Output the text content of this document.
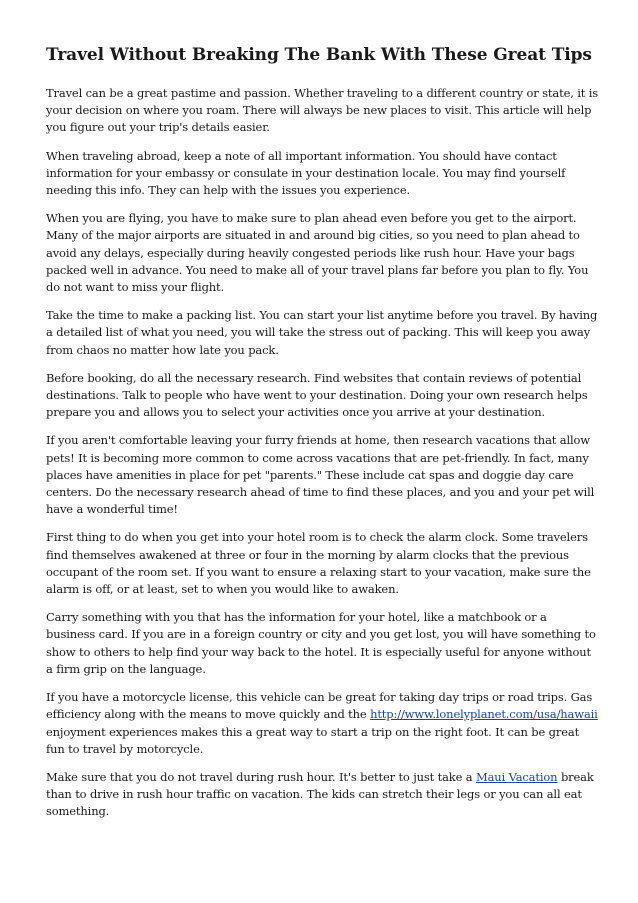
Travel Without Breaking The Bank With These Great Tips

Travel can be a great pastime and passion. Whether traveling to a different country or state, it is your decision on where you roam. There will always be new places to visit. This article will help you figure out your trip's details easier.

When traveling abroad, keep a note of all important information. You should have contact information for your embassy or consulate in your destination locale. You may find yourself needing this info. They can help with the issues you experience.

When you are flying, you have to make sure to plan ahead even before you get to the airport. Many of the major airports are situated in and around big cities, so you need to plan ahead to avoid any delays, especially during heavily congested periods like rush hour. Have your bags packed well in advance. You need to make all of your travel plans far before you plan to fly. You do not want to miss your flight.

Take the time to make a packing list. You can start your list anytime before you travel. By having a detailed list of what you need, you will take the stress out of packing. This will keep you away from chaos no matter how late you pack.

Before booking, do all the necessary research. Find websites that contain reviews of potential destinations. Talk to people who have went to your destination. Doing your own research helps prepare you and allows you to select your activities once you arrive at your destination.

If you aren't comfortable leaving your furry friends at home, then research vacations that allow pets! It is becoming more common to come across vacations that are pet-friendly. In fact, many places have amenities in place for pet "parents." These include cat spas and doggie day care centers. Do the necessary research ahead of time to find these places, and you and your pet will have a wonderful time!

First thing to do when you get into your hotel room is to check the alarm clock. Some travelers find themselves awakened at three or four in the morning by alarm clocks that the previous occupant of the room set. If you want to ensure a relaxing start to your vacation, make sure the alarm is off, or at least, set to when you would like to awaken.

Carry something with you that has the information for your hotel, like a matchbook or a business card. If you are in a foreign country or city and you get lost, you will have something to show to others to help find your way back to the hotel. It is especially useful for anyone without a firm grip on the language.

If you have a motorcycle license, this vehicle can be great for taking day trips or road trips. Gas efficiency along with the means to move quickly and the http://www.lonelyplanet.com/usa/hawaii enjoyment experiences makes this a great way to start a trip on the right foot. It can be great fun to travel by motorcycle.

Make sure that you do not travel during rush hour. It's better to just take a Maui Vacation break than to drive in rush hour traffic on vacation. The kids can stretch their legs or you can all eat something.
